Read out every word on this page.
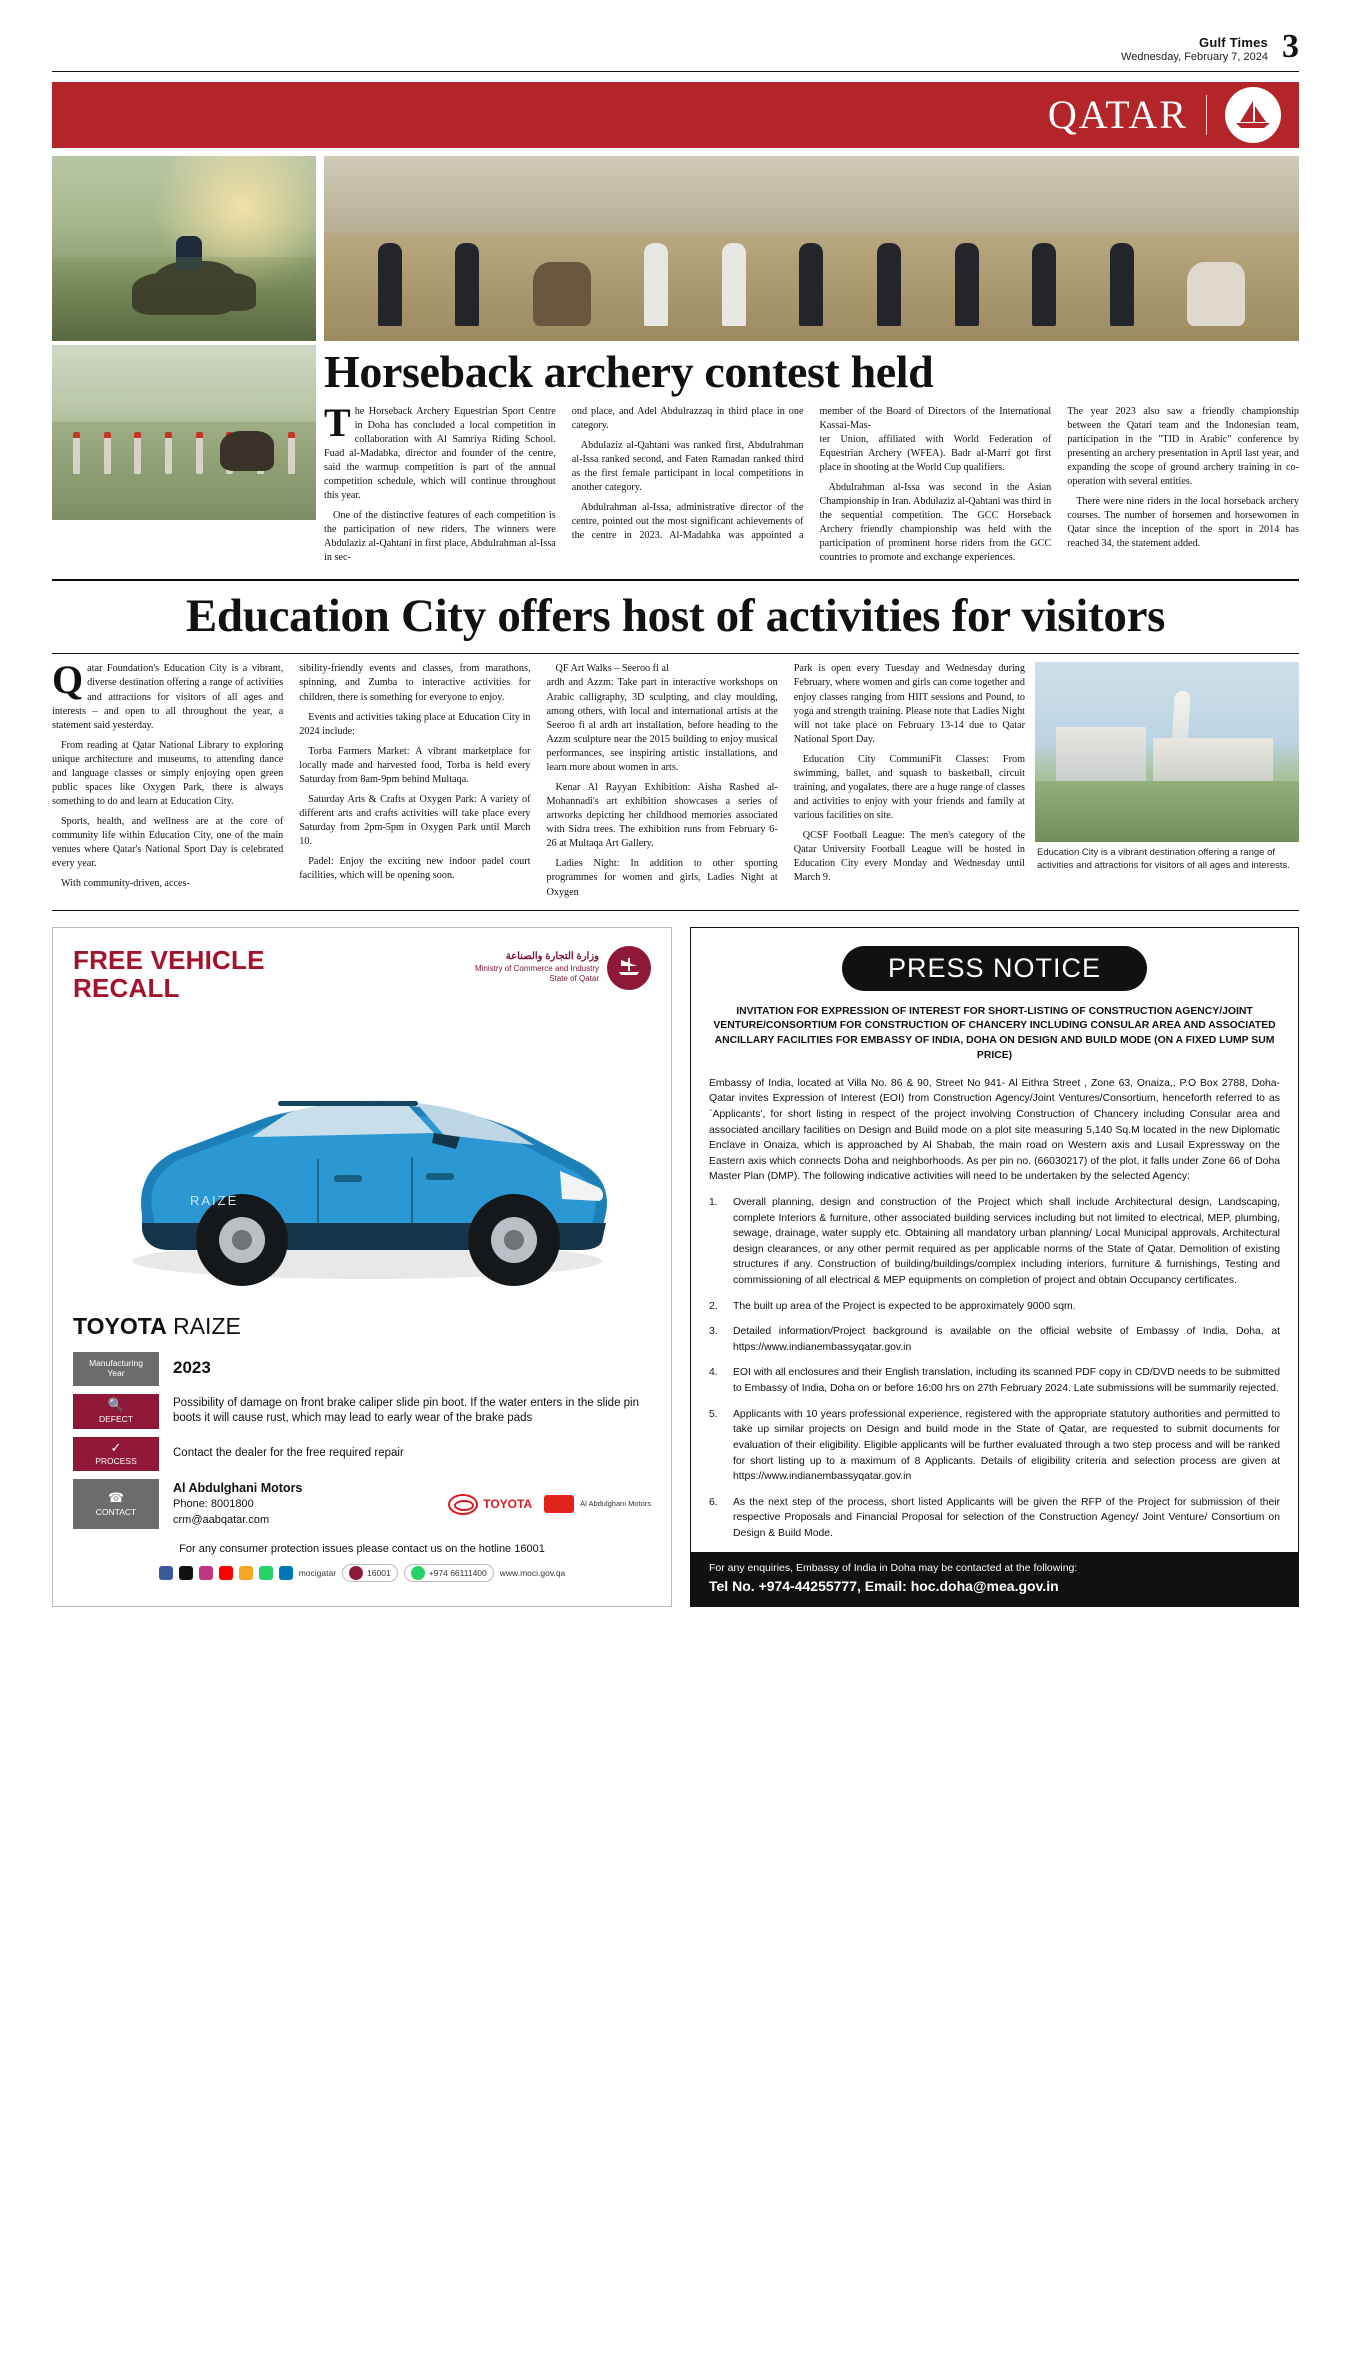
Gulf Times
Wednesday, February 7, 2024 3
QATAR
Horseback archery contest held

The Horseback Archery Equestrian Sport Centre in Doha has concluded a local competition in collaboration with Al Samriya Riding School. Fuad al-Madabka, director and founder of the centre, said the warmup competition is part of the annual competition schedule, which will continue throughout this year.

One of the distinctive features of each competition is the participation of new riders. The winners were Abdulaziz al-Qahtani in first place, Abdulrahman al-Issa in sec-

ond place, and Adel Abdulrazzaq in third place in one category.

Abdulaziz al-Qahtani was ranked first, Abdulrahman al-Issa ranked second, and Faten Ramadan ranked third as the first female participant in local competitions in another category.

Abdulrahman al-Issa, administrative director of the centre, pointed out the most significant achievements of the centre in 2023. Al-Madabka was appointed a member of the Board of Directors of the International Kassai-Mas-

ter Union, affiliated with World Federation of Equestrian Archery (WFEA). Badr al-Marri got first place in shooting at the World Cup qualifiers.

Abdulrahman al-Issa was second in the Asian Championship in Iran. Abdulaziz al-Qahtani was third in the sequential competition. The GCC Horseback Archery friendly championship was held with the participation of prominent horse riders from the GCC countries to promote and exchange experiences.

The year 2023 also saw a friendly championship between the Qatari team and the Indonesian team, participation in the "TID in Arabic" conference by presenting an archery presentation in April last year, and expanding the scope of ground archery training in co-operation with several entities.

There were nine riders in the local horseback archery courses. The number of horsemen and horsewomen in Qatar since the inception of the sport in 2014 has reached 34, the statement added.

Education City offers host of activities for visitors

Qatar Foundation's Education City is a vibrant, diverse destination offering a range of activities and attractions for visitors of all ages and interests – and open to all throughout the year, a statement said yesterday.

From reading at Qatar National Library to exploring unique architecture and museums, to attending dance and language classes or simply enjoying open green public spaces like Oxygen Park, there is always something to do and learn at Education City.

Sports, health, and wellness are at the core of community life within Education City, one of the main venues where Qatar's National Sport Day is celebrated every year.

With community-driven, acces-

sibility-friendly events and classes, from marathons, spinning, and Zumba to interactive activities for children, there is something for everyone to enjoy.

Events and activities taking place at Education City in 2024 include:

Torba Farmers Market: A vibrant marketplace for locally made and harvested food, Torba is held every Saturday from 8am-9pm behind Multaqa.

Saturday Arts & Crafts at Oxygen Park: A variety of different arts and crafts activities will take place every Saturday from 2pm-5pm in Oxygen Park until March 10.

Padel: Enjoy the exciting new indoor padel court facilities, which will be opening soon.

QF Art Walks – Seeroo fi al

ardh and Azzm: Take part in interactive workshops on Arabic calligraphy, 3D sculpting, and clay moulding, among others, with local and international artists at the Seeroo fi al ardh art installation, before heading to the Azzm sculpture near the 2015 building to enjoy musical performances, see inspiring artistic installations, and learn more about women in arts.

Kenar Al Rayyan Exhibition: Aisha Rashed al-Mohannadi's art exhibition showcases a series of artworks depicting her childhood memories associated with Sidra trees. The exhibition runs from February 6-26 at Multaqa Art Gallery.

Ladies Night: In addition to other sporting programmes for women and girls, Ladies Night at Oxygen

Park is open every Tuesday and Wednesday during February, where women and girls can come together and enjoy classes ranging from HIIT sessions and Pound, to yoga and strength training. Please note that Ladies Night will not take place on February 13-14 due to Qatar National Sport Day.

Education City CommuniFit Classes: From swimming, ballet, and squash to basketball, circuit training, and yogalates, there are a huge range of classes and activities to enjoy with your friends and family at various facilities on site.

QCSF Football League: The men's category of the Qatar University Football League will be hosted in Education City every Monday and Wednesday until March 9.

Education City is a vibrant destination offering a range of activities and attractions for visitors of all ages and interests.
FREE VEHICLE
RECALL
وزارة التجارة والصناعة
Ministry of Commerce and Industry
State of Qatar
RAIZE
TOYOTA RAIZE
Manufacturing
Year	2023
🔍
DEFECT
Possibility of damage on front brake caliper slide pin boot. If the water enters in the slide pin boots it will cause rust, which may lead to early wear of the brake pads
✓
PROCESS
Contact the dealer for the free required repair
☎
CONTACT
Al Abdulghani Motors
Phone: 8001800
crm@aabqatar.com
TOYOTA	Al Abdulghani Motors
For any consumer protection issues please contact us on the hotline 16001
mocigatar	16001	+974 66111400 www.moci.gov.qa
PRESS NOTICE
INVITATION FOR EXPRESSION OF INTEREST FOR SHORT-LISTING OF CONSTRUCTION AGENCY/JOINT VENTURE/CONSORTIUM FOR CONSTRUCTION OF CHANCERY INCLUDING CONSULAR AREA AND ASSOCIATED ANCILLARY FACILITIES FOR EMBASSY OF INDIA, DOHA ON DESIGN AND BUILD MODE (ON A FIXED LUMP SUM PRICE)

Embassy of India, located at Villa No. 86 & 90, Street No 941- Al Eithra Street , Zone 63, Onaiza,, P.O Box 2788, Doha-Qatar invites Expression of Interest (EOI) from Construction Agency/Joint Ventures/Consortium, henceforth referred to as `Applicants', for short listing in respect of the project involving Construction of Chancery including Consular area and associated ancillary facilities on Design and Build mode on a plot site measuring 5,140 Sq.M located in the new Diplomatic Enclave in Onaiza, which is approached by Al Shabab, the main road on Western axis and Lusail Expressway on the Eastern axis which connects Doha and neighborhoods. As per pin no. (66030217) of the plot, it falls under Zone 66 of Doha Master Plan (DMP). The following indicative activities will need to be undertaken by the selected Agency:

1.	Overall planning, design and construction of the Project which shall include Architectural design, Landscaping, complete Interiors & furniture, other associated building services including but not limited to electrical, MEP, plumbing, sewage, drainage, water supply etc. Obtaining all mandatory urban planning/ Local Municipal approvals, Architectural design clearances, or any other permit required as per applicable norms of the State of Qatar. Demolition of existing structures if any. Construction of building/buildings/complex including interiors, furniture & furnishings, Testing and commissioning of all electrical & MEP equipments on completion of project and obtain Occupancy certificates.
2.	The built up area of the Project is expected to be approximately 9000 sqm.
3.	Detailed information/Project background is available on the official website of Embassy of India, Doha, at https://www.indianembassyqatar.gov.in
4.	EOI with all enclosures and their English translation, including its scanned PDF copy in CD/DVD needs to be submitted to Embassy of India, Doha on or before 16:00 hrs on 27th February 2024. Late submissions will be summarily rejected.
5.	Applicants with 10 years professional experience, registered with the appropriate statutory authorities and permitted to take up similar projects on Design and build mode in the State of Qatar, are requested to submit documents for evaluation of their eligibility. Eligible applicants will be further evaluated through a two step process and will be ranked for short listing up to a maximum of 8 Applicants. Details of eligibility criteria and selection process are given at https://www.indianembassyqatar.gov.in
6.	As the next step of the process, short listed Applicants will be given the RFP of the Project for submission of their respective Proposals and Financial Proposal for selection of the Construction Agency/ Joint Venture/ Consortium on Design & Build Mode.
For any enquiries, Embassy of India in Doha may be contacted at the following:
Tel No. +974-44255777, Email: hoc.doha@mea.gov.in
